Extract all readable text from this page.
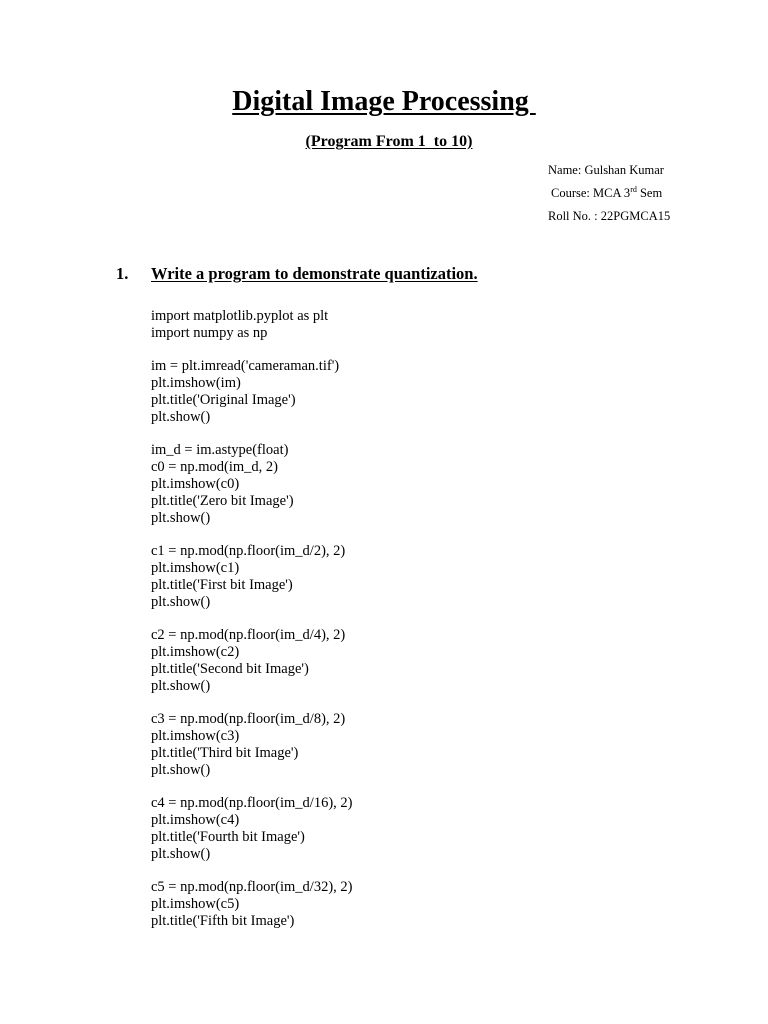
Digital Image Processing
(Program From 1  to 10)
Name: Gulshan Kumar
Course: MCA 3rd Sem
Roll No. : 22PGMCA15
1. Write a program to demonstrate quantization.
import matplotlib.pyplot as plt
import numpy as np
im = plt.imread('cameraman.tif')
plt.imshow(im)
plt.title('Original Image')
plt.show()
im_d = im.astype(float)
c0 = np.mod(im_d, 2)
plt.imshow(c0)
plt.title('Zero bit Image')
plt.show()
c1 = np.mod(np.floor(im_d/2), 2)
plt.imshow(c1)
plt.title('First bit Image')
plt.show()
c2 = np.mod(np.floor(im_d/4), 2)
plt.imshow(c2)
plt.title('Second bit Image')
plt.show()
c3 = np.mod(np.floor(im_d/8), 2)
plt.imshow(c3)
plt.title('Third bit Image')
plt.show()
c4 = np.mod(np.floor(im_d/16), 2)
plt.imshow(c4)
plt.title('Fourth bit Image')
plt.show()
c5 = np.mod(np.floor(im_d/32), 2)
plt.imshow(c5)
plt.title('Fifth bit Image')
